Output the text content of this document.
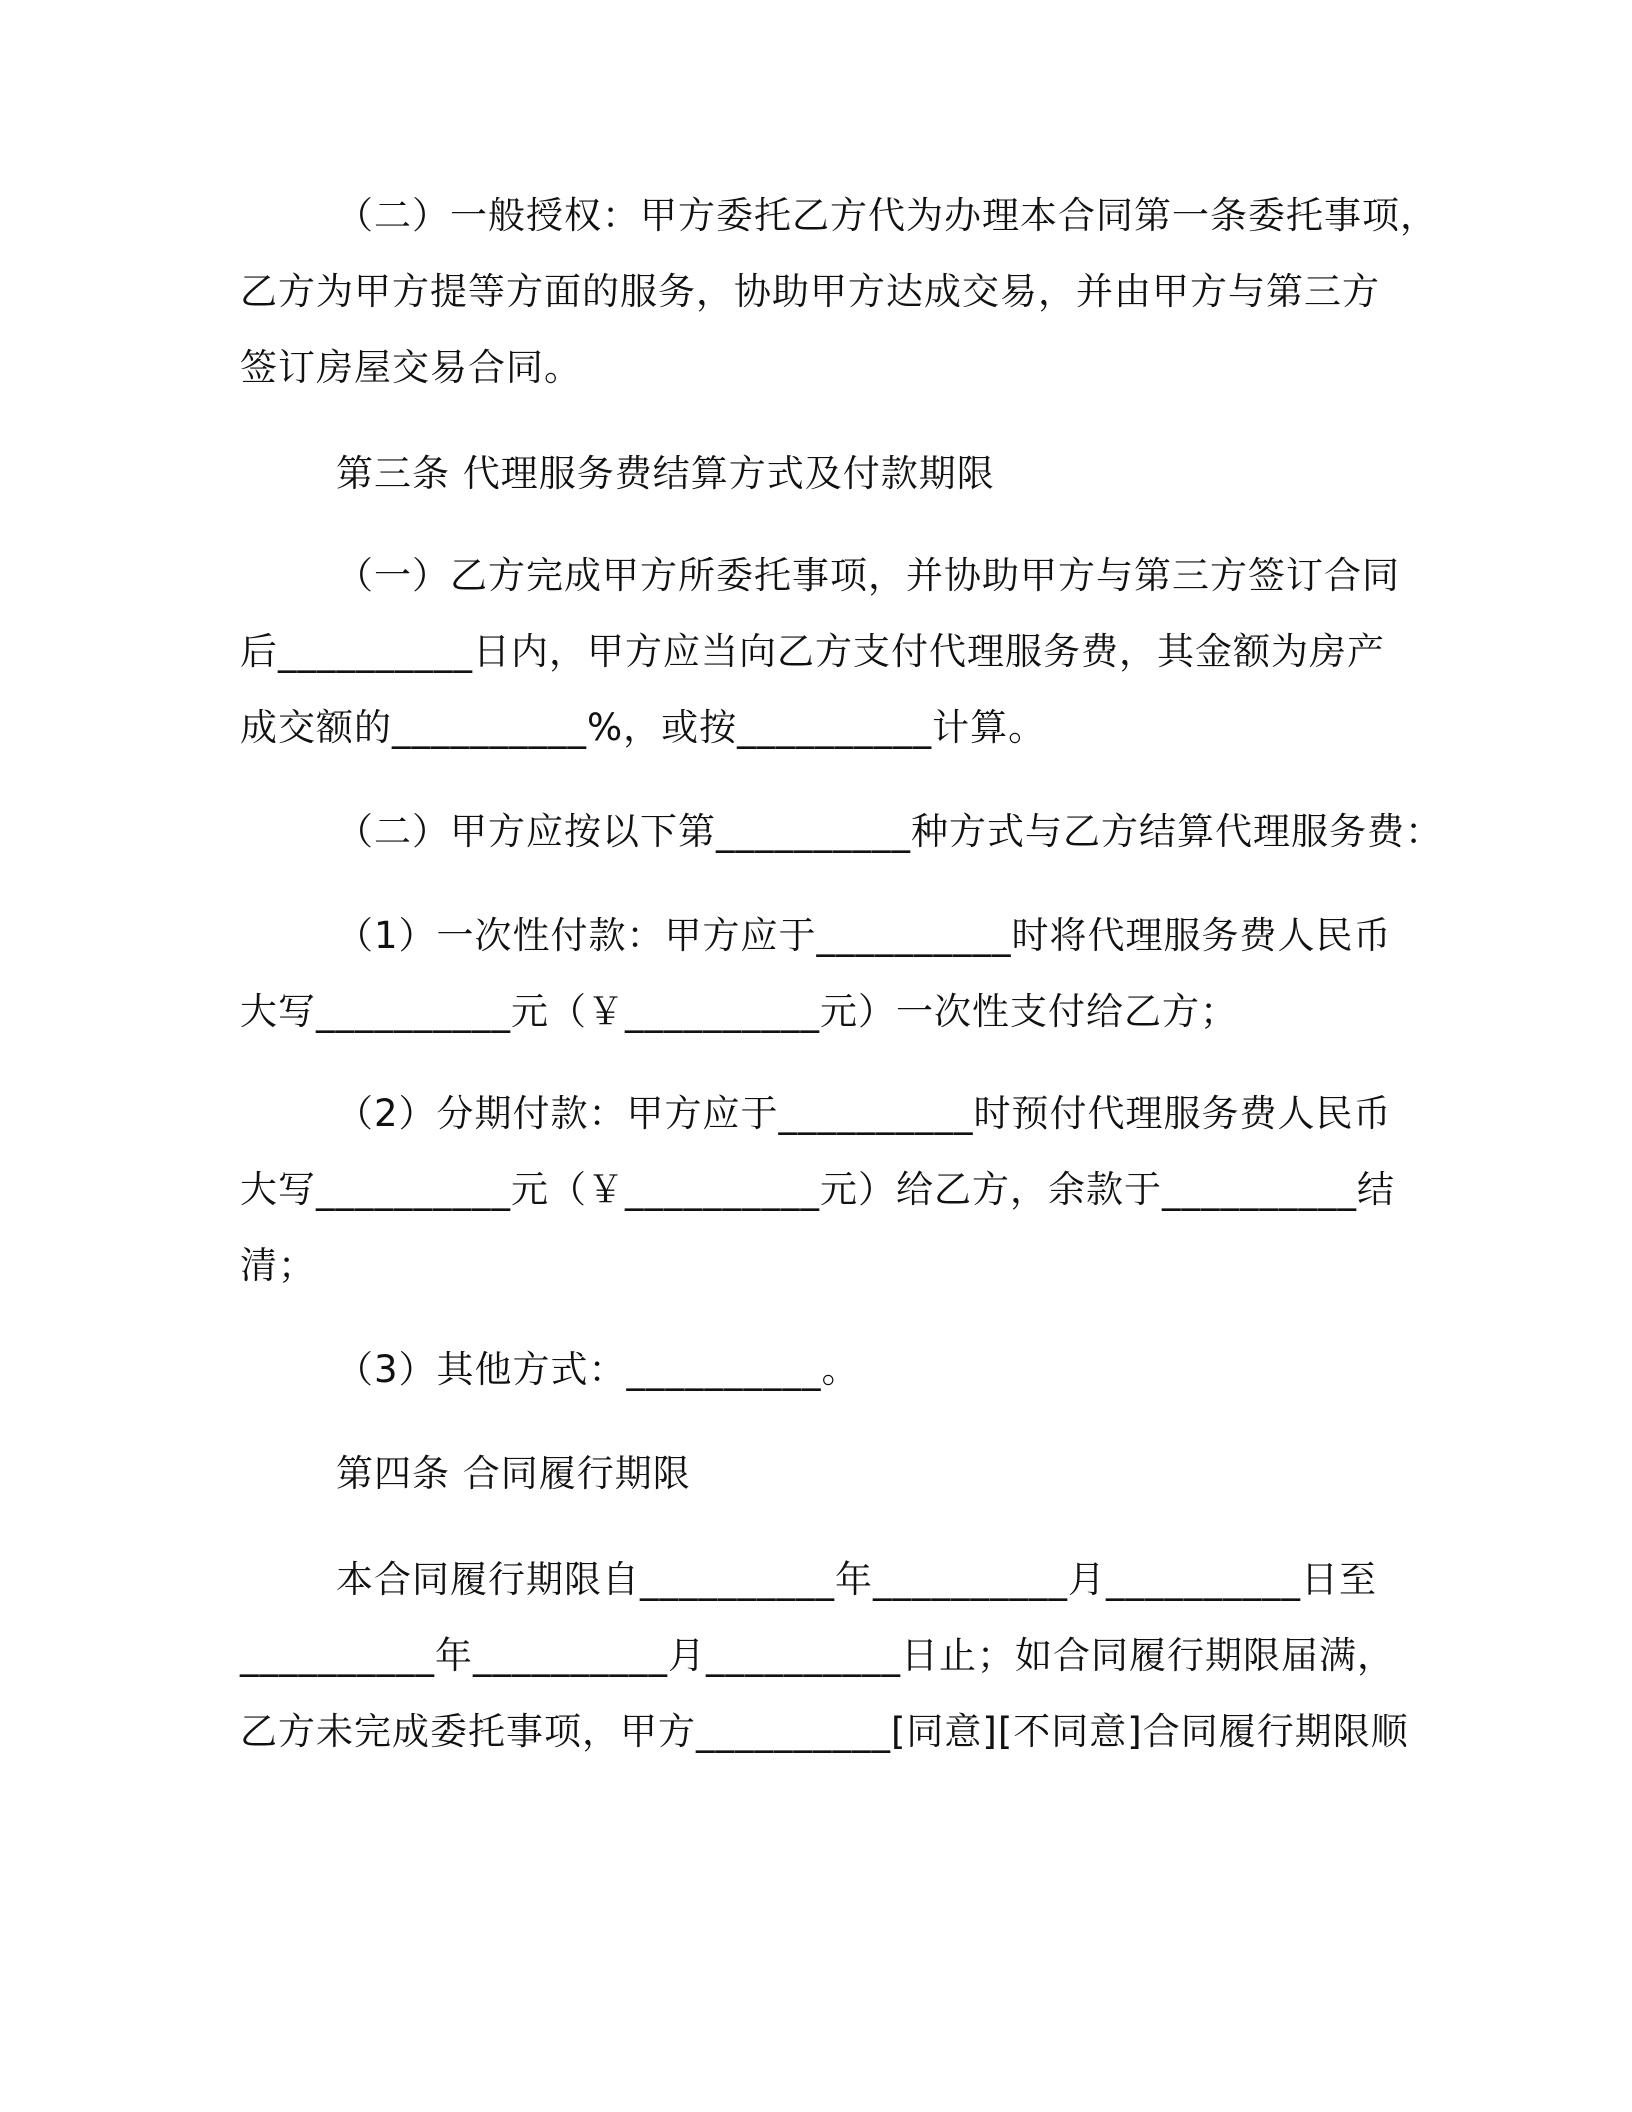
（二）一般授权：甲方委托乙方代为办理本合同第一条委托事项，
乙方为甲方提等方面的服务，协助甲方达成交易，并由甲方与第三方
签订房屋交易合同。
第三条 代理服务费结算方式及付款期限
（一）乙方完成甲方所委托事项，并协助甲方与第三方签订合同
后__________日内，甲方应当向乙方支付代理服务费，其金额为房产
成交额的__________%，或按__________计算。
（二）甲方应按以下第__________种方式与乙方结算代理服务费：
（1）一次性付款：甲方应于__________时将代理服务费人民币
大写__________元（￥__________元）一次性支付给乙方；
（2）分期付款：甲方应于__________时预付代理服务费人民币
大写__________元（￥__________元）给乙方，余款于__________结
清；
（3）其他方式：__________。
第四条 合同履行期限
本合同履行期限自__________年__________月__________日至
__________年__________月__________日止；如合同履行期限届满，
乙方未完成委托事项，甲方__________[同意][不同意]合同履行期限顺
